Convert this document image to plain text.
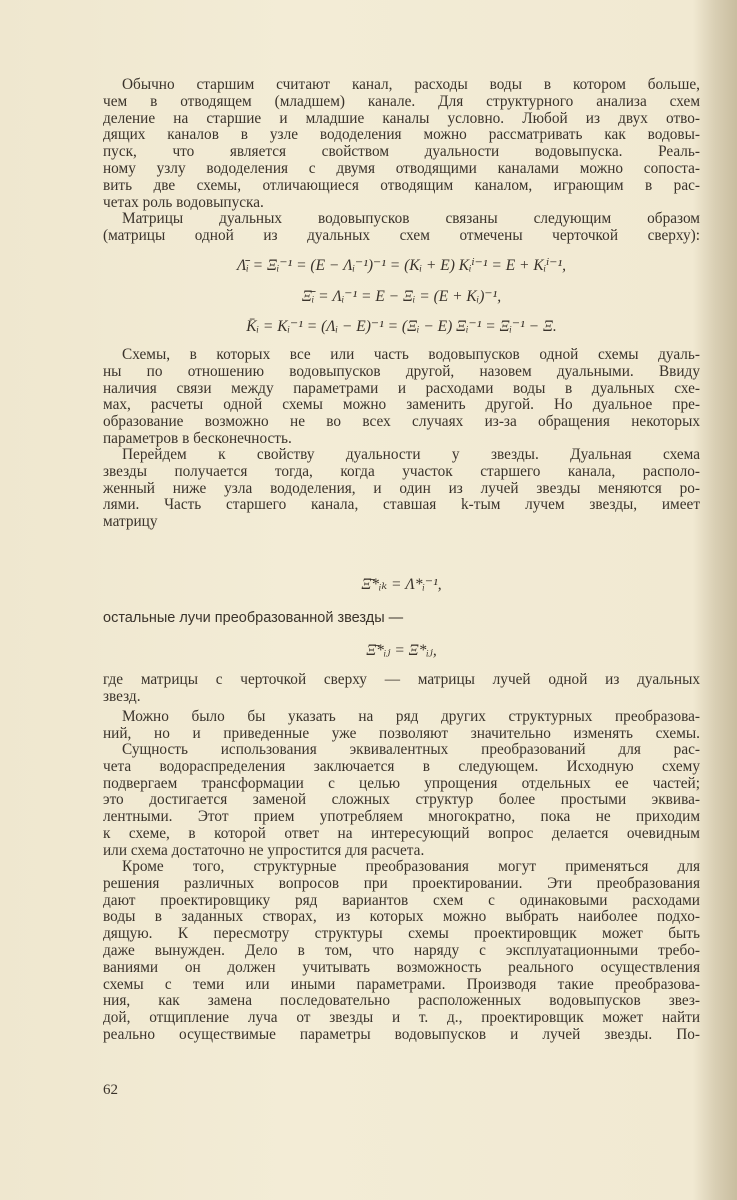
Обычно старшим считают канал, расходы воды в котором больше,
чем в отводящем (младшем) канале. Для структурного анализа схем
деление на старшие и младшие каналы условно. Любой из двух отво-
дящих каналов в узле вододеления можно рассматривать как водовы-
пуск, что является свойством дуальности водовыпуска. Реаль-
ному узлу вододеления с двумя отводящими каналами можно сопоста-
вить две схемы, отличающиеся отводящим каналом, играющим в рас-
четах роль водовыпуска.
Матрицы дуальных водовыпусков связаны следующим образом
(матрицы одной из дуальных схем отмечены черточкой сверху):
Λ̄ᵢ = Ξᵢ⁻¹ = (E − Λᵢ⁻¹)⁻¹ = (Kᵢ + E) Kᵢⁱ⁻¹ = E + Kᵢⁱ⁻¹,
Ξ̄ᵢ = Λᵢ⁻¹ = E − Ξᵢ = (E + Kᵢ)⁻¹,
K̄ᵢ = Kᵢ⁻¹ = (Λᵢ − E)⁻¹ = (Ξᵢ − E) Ξᵢ⁻¹ = Ξᵢ⁻¹ − Ξ.
Схемы, в которых все или часть водовыпусков одной схемы дуаль-
ны по отношению водовыпусков другой, назовем дуальными. Ввиду
наличия связи между параметрами и расходами воды в дуальных схе-
мах, расчеты одной схемы можно заменить другой. Но дуальное пре-
образование возможно не во всех случаях из-за обращения некоторых
параметров в бесконечность.
Перейдем к свойству дуальности у звезды. Дуальная схема
звезды получается тогда, когда участок старшего канала, располо-
женный ниже узла вододеления, и один из лучей звезды меняются ро-
лями. Часть старшего канала, ставшая k-тым лучем звезды, имеет
матрицу
Ξ̄*ᵢₖ = Λ*ᵢ⁻¹,
остальные лучи преобразованной звезды —
Ξ̄*ᵢⱼ = Ξ*ᵢⱼ,
где матрицы с черточкой сверху — матрицы лучей одной из дуальных
звезд.
Можно было бы указать на ряд других структурных преобразова-
ний, но и приведенные уже позволяют значительно изменять схемы.
Сущность использования эквивалентных преобразований для рас-
чета водораспределения заключается в следующем. Исходную схему
подвергаем трансформации с целью упрощения отдельных ее частей;
это достигается заменой сложных структур более простыми эквива-
лентными. Этот прием употребляем многократно, пока не приходим
к схеме, в которой ответ на интересующий вопрос делается очевидным
или схема достаточно не упростится для расчета.
Кроме того, структурные преобразования могут применяться для
решения различных вопросов при проектировании. Эти преобразования
дают проектировщику ряд вариантов схем с одинаковыми расходами
воды в заданных створах, из которых можно выбрать наиболее подхо-
дящую. К пересмотру структуры схемы проектировщик может быть
даже вынужден. Дело в том, что наряду с эксплуатационными требо-
ваниями он должен учитывать возможность реального осуществления
схемы с теми или иными параметрами. Производя такие преобразова-
ния, как замена последовательно расположенных водовыпусков звез-
дой, отщипление луча от звезды и т. д., проектировщик может найти
реально осуществимые параметры водовыпусков и лучей звезды. По-
62
